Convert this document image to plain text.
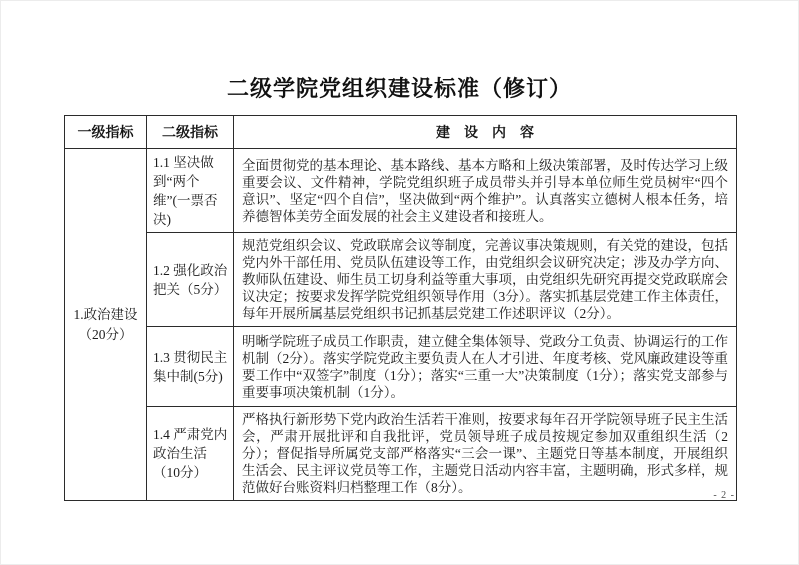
二级学院党组织建设标准（修订）
一级指标	二级指标	建　设　内　容
1.政治建设（20分）	1.1 坚决做到“两个维”(一票否决)	全面贯彻党的基本理论、基本路线、基本方略和上级决策部署，及时传达学习上级重要会议、文件精神，学院党组织班子成员带头并引导本单位师生党员树牢“四个意识”、坚定“四个自信”，坚决做到“两个维护”。认真落实立德树人根本任务，培养德智体美劳全面发展的社会主义建设者和接班人。
	1.2 强化政治把关（5分）	规范党组织会议、党政联席会议等制度，完善议事决策规则，有关党的建设，包括党内外干部任用、党员队伍建设等工作，由党组织会议研究决定；涉及办学方向、教师队伍建设、师生员工切身利益等重大事项，由党组织先研究再提交党政联席会议决定；按要求发挥学院党组织领导作用（3分）。落实抓基层党建工作主体责任，每年开展所属基层党组织书记抓基层党建工作述职评议（2分）。
	1.3 贯彻民主集中制(5分)	明晰学院班子成员工作职责，建立健全集体领导、党政分工负责、协调运行的工作机制（2分）。落实学院党政主要负责人在人才引进、年度考核、党风廉政建设等重要工作中“双签字”制度（1分）；落实“三重一大”决策制度（1分）；落实党支部参与重要事项决策机制（1分）。
	1.4 严肃党内政治生活（10分）	严格执行新形势下党内政治生活若干准则，按要求每年召开学院领导班子民主生活会，严肃开展批评和自我批评，党员领导班子成员按规定参加双重组织生活（2分）；督促指导所属党支部严格落实“三会一课”、主题党日等基本制度，开展组织生活会、民主评议党员等工作，主题党日活动内容丰富，主题明确，形式多样，规范做好台账资料归档整理工作（8分）。
- 2 -
